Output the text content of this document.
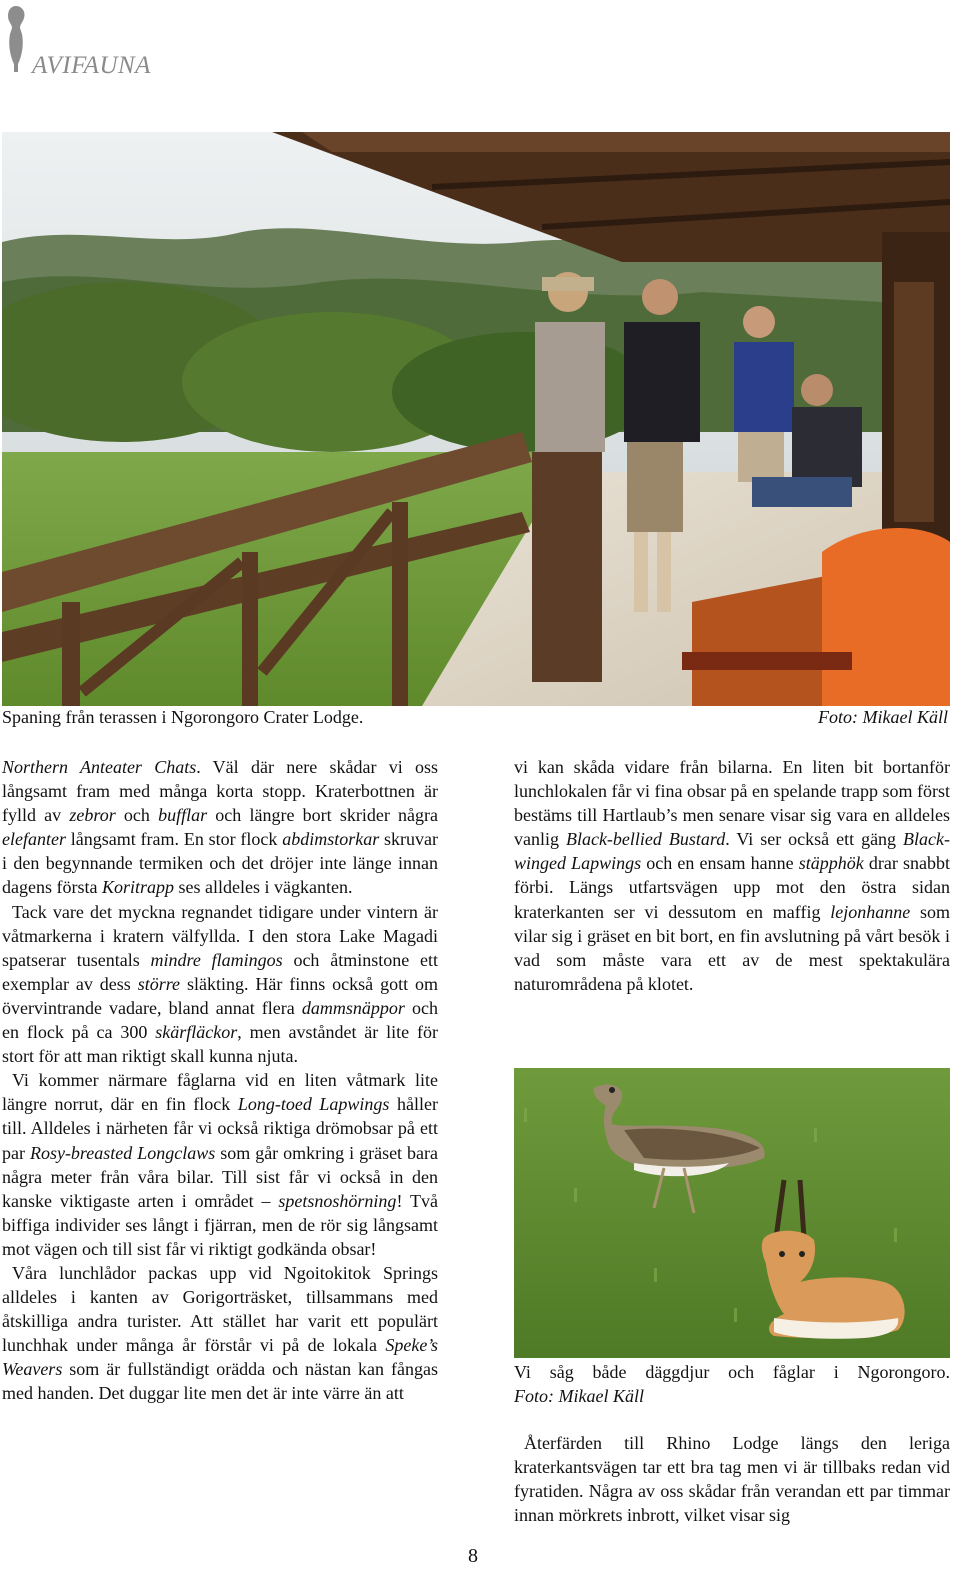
AVIFAUNA
Spaning från terassen i Ngorongoro Crater Lodge.	Foto: Mikael Käll

Northern Anteater Chats. Väl där nere skådar vi oss långsamt fram med många korta stopp. Kraterbottnen är fylld av zebror och bufflar och längre bort skrider några elefanter långsamt fram. En stor flock abdimstorkar skruvar i den begynnande termiken och det dröjer inte länge innan dagens första Koritrapp ses alldeles i vägkanten.

Tack vare det myckna regnandet tidigare under vintern är våtmarkerna i kratern välfyllda. I den stora Lake Magadi spatserar tusentals mindre flamingos och åtminstone ett exemplar av dess större släkting. Här finns också gott om övervintrande vadare, bland annat flera dammsnäppor och en flock på ca 300 skärfläckor, men avståndet är lite för stort för att man riktigt skall kunna njuta.

Vi kommer närmare fåglarna vid en liten våtmark lite längre norrut, där en fin flock Long-toed Lapwings håller till. Alldeles i närheten får vi också riktiga drömobsar på ett par Rosy-breasted Longclaws som går omkring i gräset bara några meter från våra bilar. Till sist får vi också in den kanske viktigaste arten i området – spetsnoshörning! Två biffiga individer ses långt i fjärran, men de rör sig långsamt mot vägen och till sist får vi riktigt godkända obsar!

Våra lunchlådor packas upp vid Ngoitokitok Springs alldeles i kanten av Gorigorträsket, tillsammans med åtskilliga andra turister. Att stället har varit ett populärt lunchhak under många år förstår vi på de lokala Speke’s Weavers som är fullständigt orädda och nästan kan fångas med handen. Det duggar lite men det är inte värre än att

vi kan skåda vidare från bilarna. En liten bit bortanför lunchlokalen får vi fina obsar på en spelande trapp som först bestäms till Hartlaub’s men senare visar sig vara en alldeles vanlig Black-bellied Bustard. Vi ser också ett gäng Black-winged Lapwings och en ensam hanne stäpphök drar snabbt förbi. Längs utfartsvägen upp mot den östra sidan kraterkanten ser vi dessutom en maffig lejonhanne som vilar sig i gräset en bit bort, en fin avslutning på vårt besök i vad som måste vara ett av de mest spektakulära naturområdena på klotet.

Vi såg både däggdjur och fåglar i Ngorongoro.
Foto: Mikael Käll

Återfärden till Rhino Lodge längs den leriga kraterkantsvägen tar ett bra tag men vi är tillbaks redan vid fyratiden. Några av oss skådar från verandan ett par timmar innan mörkrets inbrott, vilket visar sig

8
